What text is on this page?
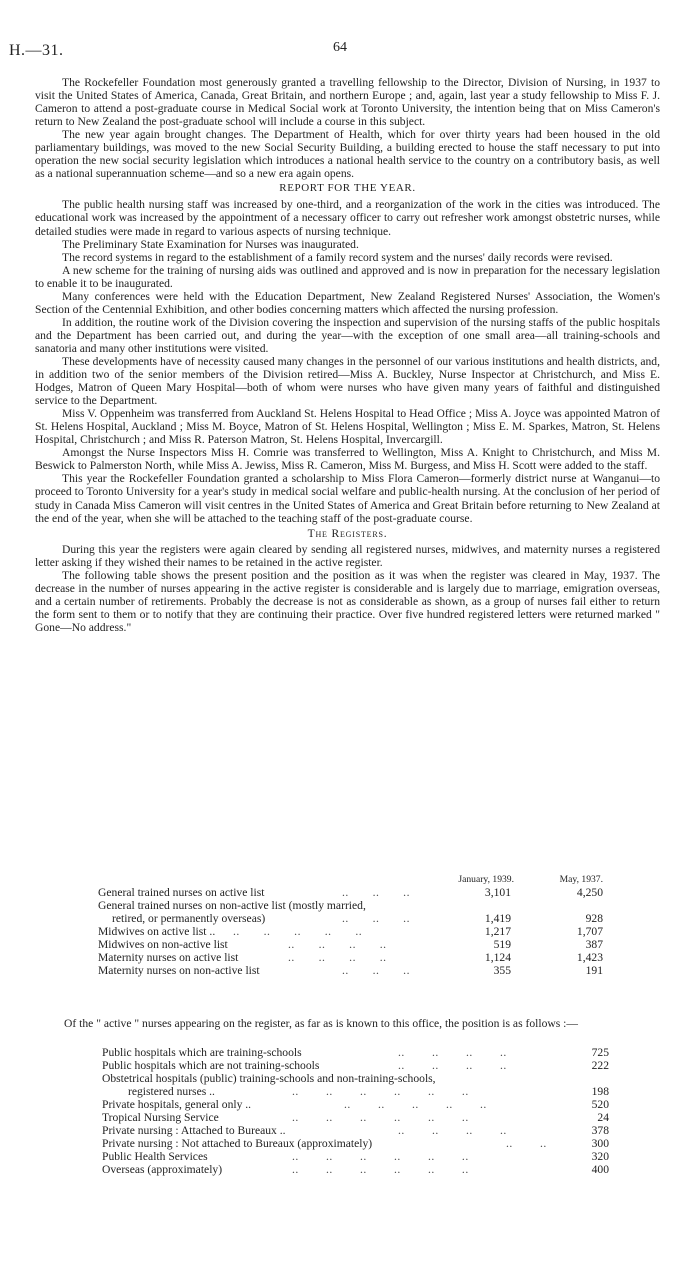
H.—31.	64

The Rockefeller Foundation most generously granted a travelling fellowship to the Director, Division of Nursing, in 1937 to visit the United States of America, Canada, Great Britain, and northern Europe ; and, again, last year a study fellowship to Miss F. J. Cameron to attend a post-graduate course in Medical Social work at Toronto University, the intention being that on Miss Cameron's return to New Zealand the post-graduate school will include a course in this subject.

The new year again brought changes. The Department of Health, which for over thirty years had been housed in the old parliamentary buildings, was moved to the new Social Security Building, a building erected to house the staff necessary to put into operation the new social security legislation which introduces a national health service to the country on a contributory basis, as well as a national superannuation scheme—and so a new era again opens.

REPORT FOR THE YEAR.

The public health nursing staff was increased by one-third, and a reorganization of the work in the cities was introduced. The educational work was increased by the appointment of a necessary officer to carry out refresher work amongst obstetric nurses, while detailed studies were made in regard to various aspects of nursing technique.

The Preliminary State Examination for Nurses was inaugurated.

The record systems in regard to the establishment of a family record system and the nurses' daily records were revised.

A new scheme for the training of nursing aids was outlined and approved and is now in preparation for the necessary legislation to enable it to be inaugurated.

Many conferences were held with the Education Department, New Zealand Registered Nurses' Association, the Women's Section of the Centennial Exhibition, and other bodies concerning matters which affected the nursing profession.

In addition, the routine work of the Division covering the inspection and supervision of the nursing staffs of the public hospitals and the Department has been carried out, and during the year—with the exception of one small area—all training-schools and sanatoria and many other institutions were visited.

These developments have of necessity caused many changes in the personnel of our various institutions and health districts, and, in addition two of the senior members of the Division retired—Miss A. Buckley, Nurse Inspector at Christchurch, and Miss E. Hodges, Matron of Queen Mary Hospital—both of whom were nurses who have given many years of faithful and distinguished service to the Department.

Miss V. Oppenheim was transferred from Auckland St. Helens Hospital to Head Office ; Miss A. Joyce was appointed Matron of St. Helens Hospital, Auckland ; Miss M. Boyce, Matron of St. Helens Hospital, Wellington ; Miss E. M. Sparkes, Matron, St. Helens Hospital, Christchurch ; and Miss R. Paterson Matron, St. Helens Hospital, Invercargill.

Amongst the Nurse Inspectors Miss H. Comrie was transferred to Wellington, Miss A. Knight to Christchurch, and Miss M. Beswick to Palmerston North, while Miss A. Jewiss, Miss R. Cameron, Miss M. Burgess, and Miss H. Scott were added to the staff.

This year the Rockefeller Foundation granted a scholarship to Miss Flora Cameron—formerly district nurse at Wanganui—to proceed to Toronto University for a year's study in medical social welfare and public-health nursing. At the conclusion of her period of study in Canada Miss Cameron will visit centres in the United States of America and Great Britain before returning to New Zealand at the end of the year, when she will be attached to the teaching staff of the post-graduate course.

The Registers.

During this year the registers were again cleared by sending all registered nurses, midwives, and maternity nurses a registered letter asking if they wished their names to be retained in the active register.

The following table shows the present position and the position as it was when the register was cleared in May, 1937. The decrease in the number of nurses appearing in the active register is considerable and is largely due to marriage, emigration overseas, and a certain number of retirements. Probably the decrease is not as considerable as shown, as a group of nurses fail either to return the form sent to them or to notify that they are continuing their practice. Over five hundred registered letters were returned marked " Gone—No address."

January, 1939.	May, 1937.
General trained nurses on active list	..       ..       ..	3,101	4,250
General trained nurses on non-active list (mostly married,
retired, or permanently overseas)	..       ..       ..	1,419	928
Midwives on active list .. ..       ..       ..       ..       ..	1,217	1,707
Midwives on non-active list	..       ..       ..       ..	519	387
Maternity nurses on active list	..       ..       ..       ..	1,124	1,423
Maternity nurses on non-active list	..       ..       ..	355	191

Of the " active " nurses appearing on the register, as far as is known to this office, the position is as follows :—

Public hospitals which are training-schools	..        ..        ..        ..	725
Public hospitals which are not training-schools	..        ..        ..        ..	222
Obstetrical hospitals (public) training-schools and non-training-schools,
registered nurses ..	..        ..        ..        ..        ..        ..	198
Private hospitals, general only ..	..        ..        ..        ..        ..	520
Tropical Nursing Service	..        ..        ..        ..        ..        ..	24
Private nursing : Attached to Bureaux ..	..        ..        ..        ..	378
Private nursing : Not attached to Bureaux (approximately)	..        ..	300
Public Health Services	..        ..        ..        ..        ..        ..	320
Overseas (approximately)	..        ..        ..        ..        ..        ..	400
